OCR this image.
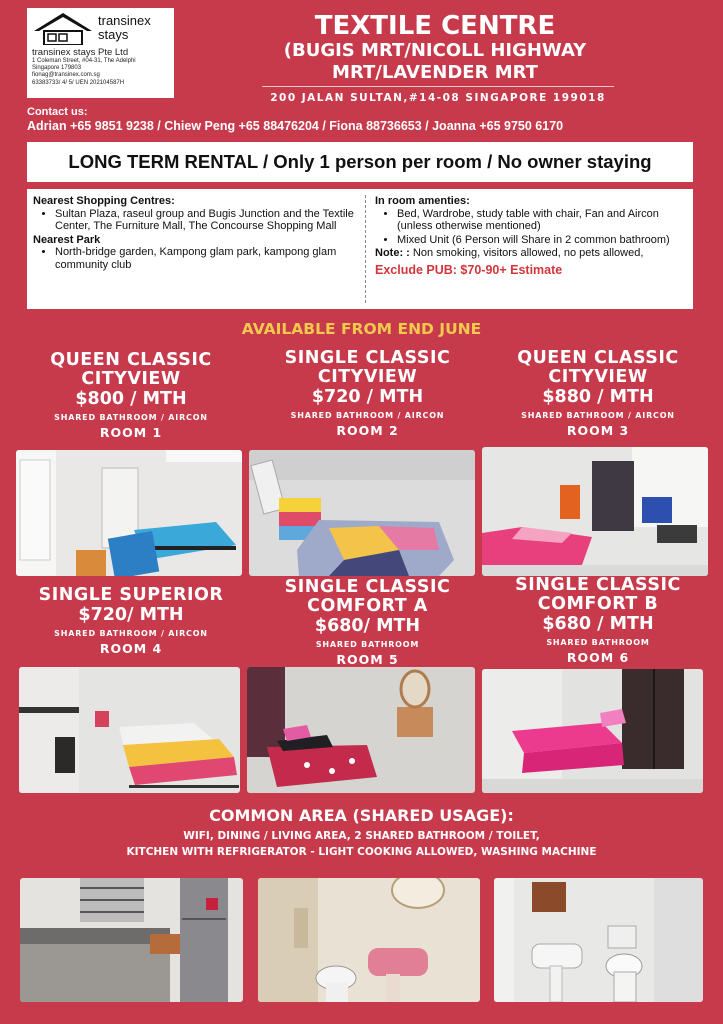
transinex
stays
transinex stays Pte Ltd
1 Coleman Street, #04-31, The Adelphi
Singapore 179803
fionag@transinex.com.sg
63383733/ 4/ 5/ UEN 202104587H
TEXTILE CENTRE
(BUGIS MRT/NICOLL HIGHWAY
MRT/LAVENDER MRT
200 JALAN SULTAN,#14-08 SINGAPORE 199018
Contact us:
Adrian +65 9851 9238 / Chiew Peng +65 88476204 / Fiona 88736653 / Joanna +65 9750 6170
LONG TERM RENTAL / Only 1 person per room / No owner staying
Nearest Shopping Centres:
• Sultan Plaza, raseul group and Bugis Junction and the Textile Center, The Furniture Mall, The Concourse Shopping Mall
Nearest Park
• North-bridge garden, Kampong glam park, kampong glam community club
In room amenties:
• Bed, Wardrobe, study table with chair, Fan and Aircon (unless otherwise mentioned)
• Mixed Unit (6 Person will Share in 2 common bathroom)
Note: : Non smoking, visitors allowed, no pets allowed,
Exclude PUB: $70-90+ Estimate
AVAILABLE FROM END JUNE
QUEEN CLASSIC
CITYVIEW
$800 / MTH
SHARED BATHROOM / AIRCON
ROOM 1
SINGLE CLASSIC
CITYVIEW
$720 / MTH
SHARED BATHROOM / AIRCON
ROOM 2
QUEEN CLASSIC
CITYVIEW
$880 / MTH
SHARED BATHROOM / AIRCON
ROOM 3
SINGLE SUPERIOR
$720/ MTH
SHARED BATHROOM / AIRCON
ROOM 4
SINGLE CLASSIC
COMFORT A
$680/ MTH
SHARED BATHROOM
ROOM 5
SINGLE CLASSIC
COMFORT B
$680 / MTH
SHARED BATHROOM
ROOM 6
COMMON AREA (SHARED USAGE):
WIFI, DINING / LIVING AREA, 2 SHARED BATHROOM / TOILET,
KITCHEN WITH REFRIGERATOR - LIGHT COOKING ALLOWED, WASHING MACHINE
